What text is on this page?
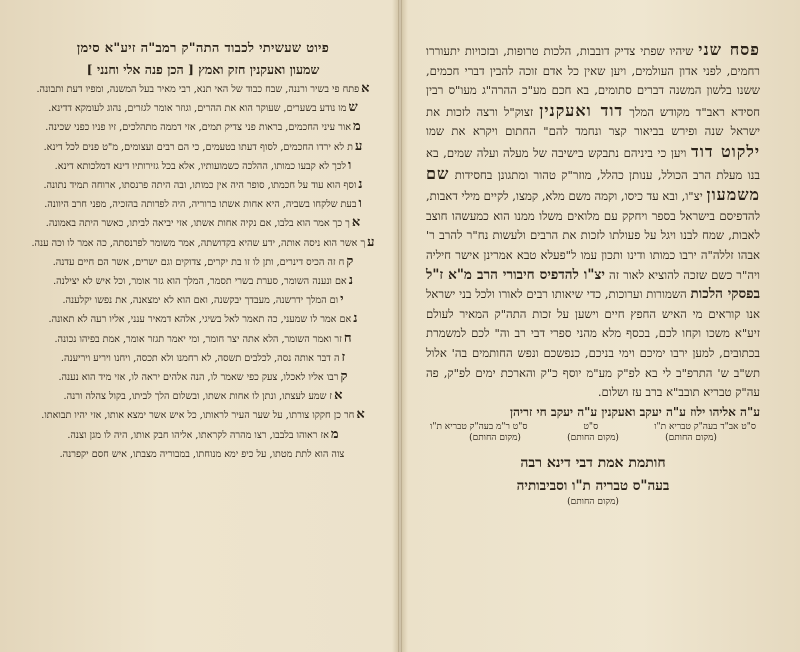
פיוט שעשיתי לכבוד התה"ק רמב"ה זיע"א סימן
שמעון ואעקנין חזק ואמץ [ הכן פנה אלי וחנני ]
אפתח פי בשיר ורננה, שבח כבוד של האי תנא, רבי מאיר בעל המשנה, ומפיו דעת ותבונה.
שמו נודע בשערים, שעוקר הוא את ההרים, וגוזר אומר לגזרים, נהוג לעומקא דדינא.
מאור עיני החכמים, בראות פני צדיק תמים, אזי דממה מתהלכים, זיו פניו כפני שכינה.
עת לא ירדו החכמים, לסוף דעתו בטעמים, כי הם רבים ועצומים, מ"ט פנים לכל דינא.
ולכך לא קבעו כמותו, ההלכה כשמועותיו, אלא בכל גזירותיו דינא דמלכותא דינא.
נוסף הוא עוד על חכמתו, סופר היה אין כמותו, ובה היתה פרנסתו, ארוחה תמיד נתונה.
ובעת שלקחו בשביה, היא אחות אשתו ברוריה, היה לפדותה בהזכיה, מפני חרב היוונה.
אך כך אמר הוא בלבו, אם נקיה אחות אשתו, אזי יביאה לביתו, כאשר היתה באמונה.
עך אשר הוא ניסה אותה, ידע שהיא בקדושתה, אמר משומר לפרנסתה, כה אמר לו וכה ענה.
קח זה הכיס דינרים, ותן לו זו בת יקרים, צדוקים וגם ישרים, אשר הם חיים עדנה.
נאם ונענה השומר, סערת בשרי תסמר, המלך הוא גזר אומר, וכל איש לא יצילנה.
יום המלך ידרשנה, מעבדך יבקשנה, ואם הוא לא ימצאנה, את נפשו יקלענה.
נאם אמר לו שמעני, כה תאמר לאל בשיגי, אלהא דמאיר ענני, אליו רעה לא תאונה.
חזר ואמר השומר, הלא אתה יצר חומר, ומי יאמר תגזר אומר, אמת בפיהו נכונה.
זה דבר אותה נסה, לכלבים תשסה, לא רחמנו ולא תכסה, ויחנו ויריע ויריענה.
קרבו אליו לאכלו, צעק כפי שאמר לו, הנה אלהים יראה לו, אזי מיד הוא נענה.
אז שמע לעצתו, ונתן לו אחות אשתו, ובשלום הלך לביתו, בקול צהלה ורנה.
אחר כן חקקו צורתו, על שער העיר לראותו, כל איש אשר ימצא אותו, אזי יהיו תבואתו.
מאז ראוהו בלבבו, רצו מהרה לקראתו, אליהו חבק אותו, היה לו מגן וצנה.
צוה הוא לתת מטתו, על כיפ ימא מנוחתו, במבוריה מצבתו, איש חסם יקפרנה.

פסח שני שיהיו שפתי צדיק דובבות, הלכות טרופות, ובזכויות יתעוררו רחמים, לפני אדון העולמים, ויען שאין כל אדם זוכה להבין דברי חכמים, ששנו בלשון המשנה דברים סתומים, בא חכם מע"כ ההרה"ג מעו"ס רבין חסידא ראב"ד מקודש המלך דוד ואעקנין זצוק"ל ורצה לזכות את ישראל שנה ופירש בביאור קצר ונחמד להם" החתום ויקרא את שמו ילקוט דוד ויען כי ביניהם נתבקש בישיבה של מעלה ועלה שמים, בא בנו מעלת הרב הכולל, ענותן כהלל, מוזר"ק טהור ומתגונן בחסידות שם משמעון יצ"ו, ובא עד כיסו, וקמה משם מלא, קמצו, לקיים מילי דאבות, להדפיסם בישראל בספר ויחקק עם מלואים משלו ממנו הוא כמעשהו חוצב לאבות, שמח לבנו ויגל על פעולתו לזכות את הרבים ולעשות נח"ר להרב ר' אבהו זללה"ה ירבו כמותו ודינו ותכון עמו ל"פעלא טבא אמרינן אישר חיליה ויה"ר כשם שזכה להוציא לאור זה יצ"ו להדפיס חיבורי הרב מ"א ז"ל בפסקי הלכות השמורות וערוכות, כדי שיאותו רבים לאורו ולכל בני ישראל אנו קוראים מי האיש החפץ חיים וישען על זכות התה"ק המאיר לעולם זיע"א משכו וקחו לכם, בכסף מלא מהני ספרי דבי רב וה" לכם למשמרת בכתובים, למען ירבו ימיכם וימי בניכם, כנפשכם ונפש החותמים בה' אלול תש"ב ש' התרפ"ב לי בא לפ"ק מע"מ יוסף כ"ק והארכת ימים לפ"ק, פה עה"ק טבריא תובב"א ברב עז ושלום.

ע"ה אליהו ילוז ע"ה יעקב ואעקנין ע"ה יעקב חי זריהן
ס"ט אב"ד בעה"ק טבריא ת"ו
ס"ט
ס"ט ר"מ בעה"ק טבריא ת"ו
(מקום החותם)
(מקום החותם)
(מקום החותם)
חותמת אמת דבי דינא רבה
בעה"ס טבריה ת"ו וסביבותיה
(מקום החותם)
